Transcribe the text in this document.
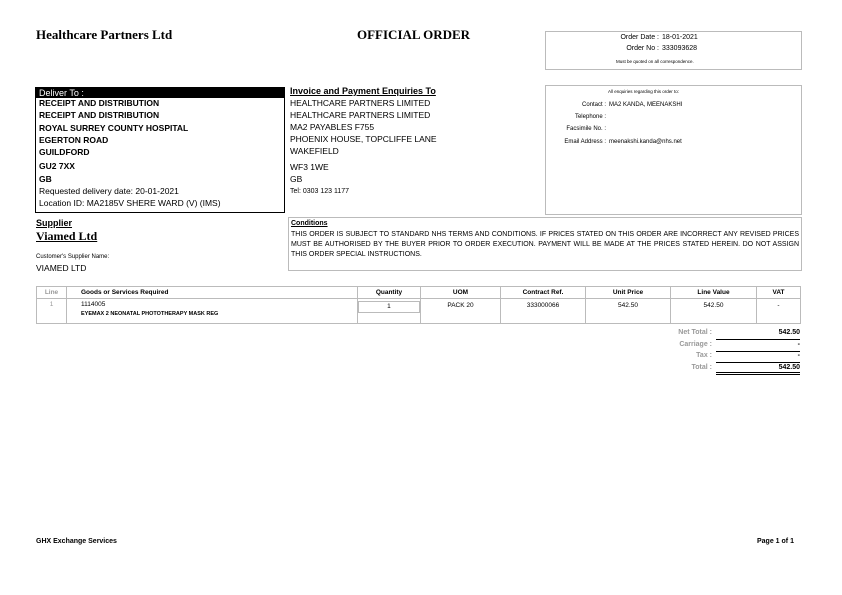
Healthcare Partners Ltd	OFFICIAL ORDER	Order Date : 18-01-2021
Order No : 333093628
Must be quoted on all correspondence.
Deliver To :
RECEIPT AND DISTRIBUTION
RECEIPT AND DISTRIBUTION
ROYAL SURREY COUNTY HOSPITAL
EGERTON ROAD
GUILDFORD
GU2 7XX
GB
Requested delivery date: 20-01-2021
Location ID: MA2185V SHERE WARD (V) (IMS)
Invoice and Payment Enquiries To
HEALTHCARE PARTNERS LIMITED
HEALTHCARE PARTNERS LIMITED
MA2 PAYABLES F755
PHOENIX HOUSE, TOPCLIFFE LANE
WAKEFIELD
WF3 1WE
GB
Tel: 0303 123 1177
All enquiries regarding this order to:
Contact : MA2 KANDA, MEENAKSHI
Telephone :
Facsimile No. :
Email Address : meenakshi.kanda@nhs.net
Supplier
Viamed Ltd
Customer's Supplier Name:
VIAMED LTD
Conditions
THIS ORDER IS SUBJECT TO STANDARD NHS TERMS AND CONDITIONS. IF PRICES STATED ON THIS ORDER ARE INCORRECT ANY REVISED PRICES MUST BE AUTHORISED BY THE BUYER PRIOR TO ORDER EXECUTION. PAYMENT WILL BE MADE AT THE PRICES STATED HEREIN. DO NOT ASSIGN THIS ORDER SPECIAL INSTRUCTIONS.
Line	Goods or Services Required	Quantity	UOM	Contract Ref.	Unit Price	Line Value	VAT
1	1114005
EYEMAX 2 NEONATAL PHOTOTHERAPY MASK REG	1	PACK 20	333000066	542.50	542.50	-
Net Total :	542.50
Carriage :	-
Tax :	-
Total :	542.50
GHX Exchange Services	Page 1 of 1
